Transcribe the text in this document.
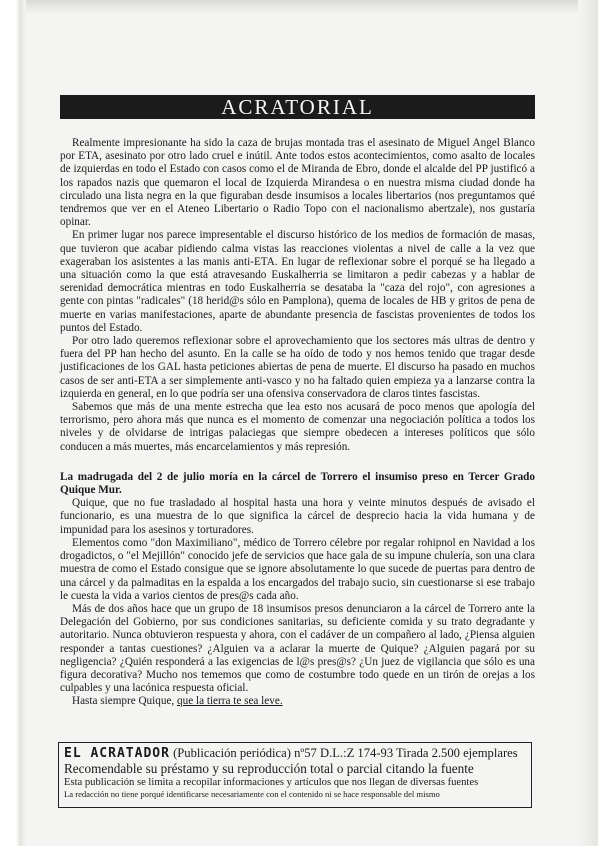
ACRATORIAL

Realmente impresionante ha sido la caza de brujas montada tras el asesinato de Miguel Angel Blanco por ETA, asesinato por otro lado cruel e inútil. Ante todos estos acontecimientos, como asalto de locales de izquierdas en todo el Estado con casos como el de Miranda de Ebro, donde el alcalde del PP justificó a los rapados nazis que quemaron el local de Izquierda Mirandesa o en nuestra misma ciudad donde ha circulado una lista negra en la que figuraban desde insumisos a locales libertarios (nos preguntamos qué tendremos que ver en el Ateneo Libertario o Radio Topo con el nacionalismo abertzale), nos gustaría opinar.

En primer lugar nos parece impresentable el discurso histórico de los medios de formación de masas, que tuvieron que acabar pidiendo calma vistas las reacciones violentas a nivel de calle a la vez que exageraban los asistentes a las manis anti-ETA. En lugar de reflexionar sobre el porqué se ha llegado a una situación como la que está atravesando Euskalherria se limitaron a pedir cabezas y a hablar de serenidad democrática mientras en todo Euskalherria se desataba la "caza del rojo", con agresiones a gente con pintas "radicales" (18 herid@s sólo en Pamplona), quema de locales de HB y gritos de pena de muerte en varias manifestaciones, aparte de abundante presencia de fascistas provenientes de todos los puntos del Estado.

Por otro lado queremos reflexionar sobre el aprovechamiento que los sectores más ultras de dentro y fuera del PP han hecho del asunto. En la calle se ha oído de todo y nos hemos tenido que tragar desde justificaciones de los GAL hasta peticiones abiertas de pena de muerte. El discurso ha pasado en muchos casos de ser anti-ETA a ser simplemente anti-vasco y no ha faltado quien empieza ya a lanzarse contra la izquierda en general, en lo que podría ser una ofensiva conservadora de claros tintes fascistas.

Sabemos que más de una mente estrecha que lea esto nos acusará de poco menos que apología del terrorismo, pero ahora más que nunca es el momento de comenzar una negociación política a todos los niveles y de olvidarse de intrigas palaciegas que siempre obedecen a intereses políticos que sólo conducen a más muertes, más encarcelamientos y más represión.

La madrugada del 2 de julio moría en la cárcel de Torrero el insumiso preso en Tercer Grado Quique Mur.

Quique, que no fue trasladado al hospital hasta una hora y veinte minutos después de avisado el funcionario, es una muestra de lo que significa la cárcel de desprecio hacia la vida humana y de impunidad para los asesinos y torturadores.

Elementos como "don Maximiliano", médico de Torrero célebre por regalar rohipnol en Navidad a los drogadictos, o "el Mejillón" conocido jefe de servicios que hace gala de su impune chulería, son una clara muestra de como el Estado consigue que se ignore absolutamente lo que sucede de puertas para dentro de una cárcel y da palmaditas en la espalda a los encargados del trabajo sucio, sin cuestionarse si ese trabajo le cuesta la vida a varios cientos de pres@s cada año.

Más de dos años hace que un grupo de 18 insumisos presos denunciaron a la cárcel de Torrero ante la Delegación del Gobierno, por sus condiciones sanitarias, su deficiente comida y su trato degradante y autoritario. Nunca obtuvieron respuesta y ahora, con el cadáver de un compañero al lado, ¿Piensa alguien responder a tantas cuestiones? ¿Alguien va a aclarar la muerte de Quique? ¿Alguien pagará por su negligencia? ¿Quién responderá a las exigencias de l@s pres@s? ¿Un juez de vigilancia que sólo es una figura decorativa? Mucho nos tememos que como de costumbre todo quede en un tirón de orejas a los culpables y una lacónica respuesta oficial.

Hasta siempre Quique, que la tierra te sea leve.

EL ACRATADOR (Publicación periódica) nº57 D.L.:Z 174-93 Tirada 2.500 ejemplares
Recomendable su préstamo y su reproducción total o parcial citando la fuente
Esta publicación se limita a recopilar informaciones y artículos que nos llegan de diversas fuentes
La redacción no tiene porqué identificarse necesariamente con el contenido ni se hace responsable del mismo
